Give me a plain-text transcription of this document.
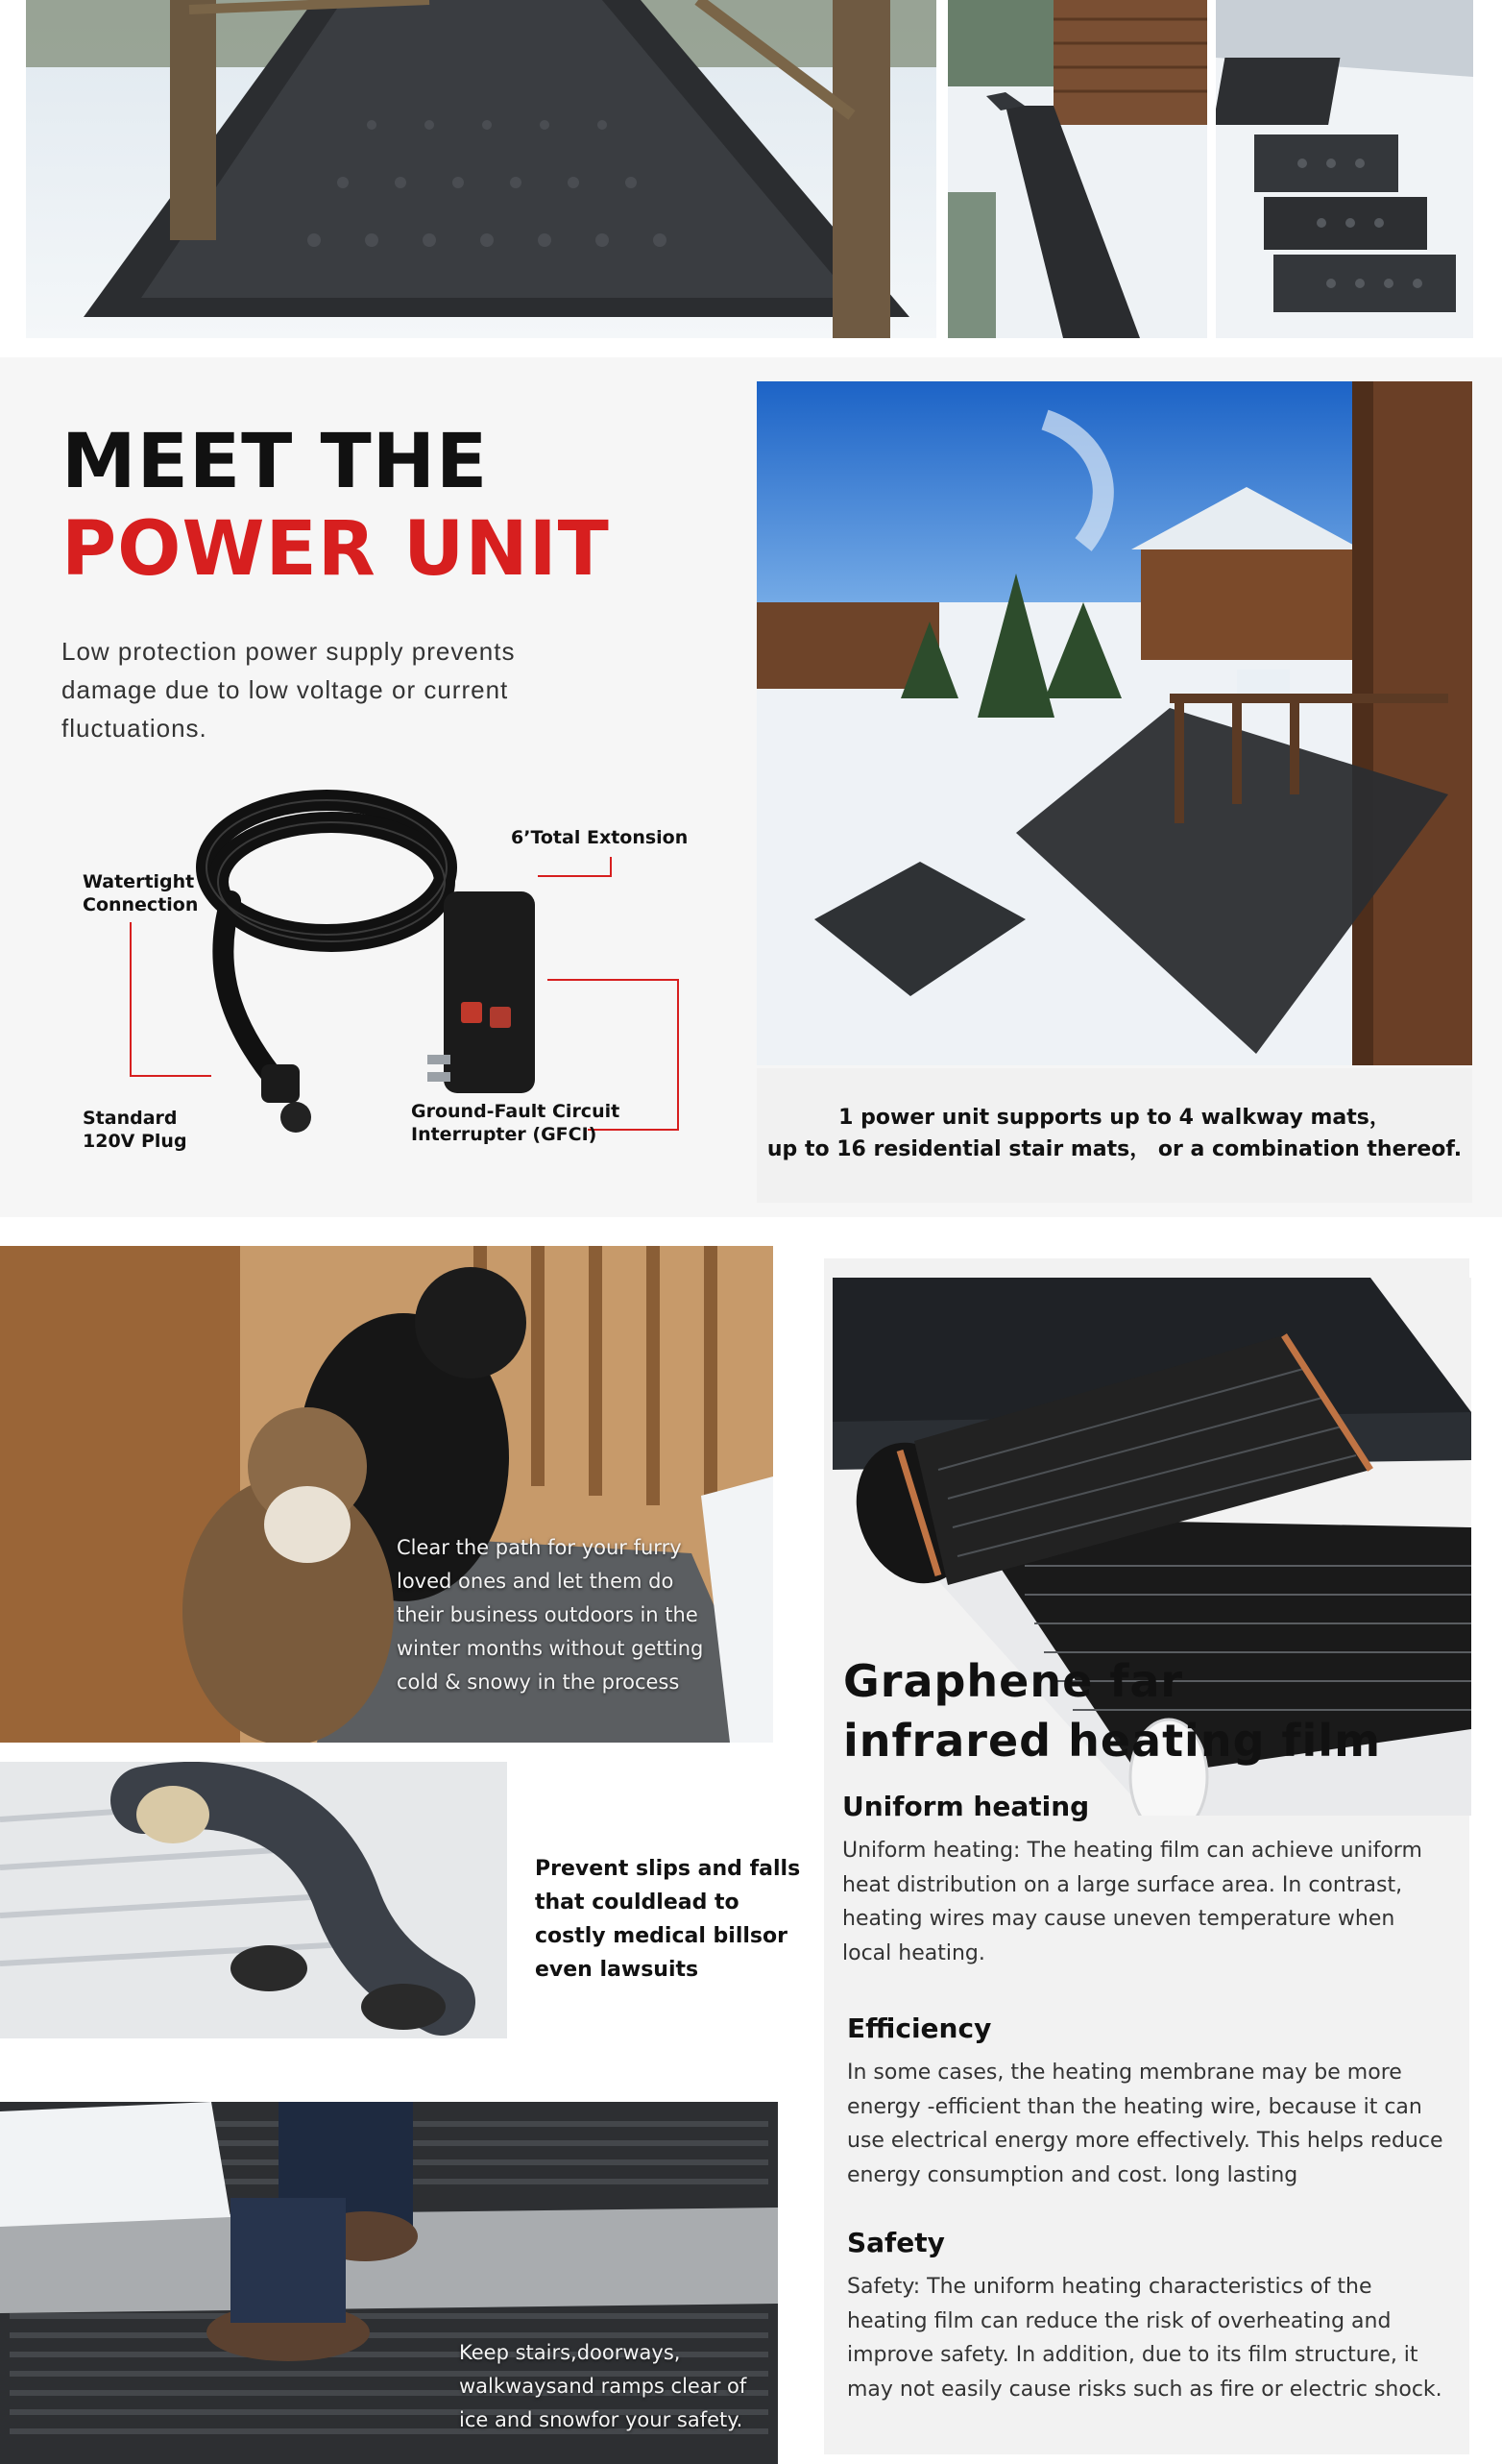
MEET THE
POWER UNIT
Low protection power supply prevents damage due to low voltage or current fluctuations.
6’Total Extonsion
Watertight
Connection
Standard
120V Plug
Ground-Fault Circuit
Interrupter (GFCI)
1 power unit supports up to 4 walkway mats，
up to 16 residential stair mats， or a combination thereof.
Clear the path for your furry
loved ones and let them do
their business outdoors in the
winter months without getting
cold & snowy in the process
Prevent slips and falls
that couldlead to
costly medical billsor
even lawsuits
Keep stairs,doorways,
walkwaysand ramps clear of
ice and snowfor your safety.
Graphene far
infrared heating film
Uniform heating
Uniform heating: The heating film can achieve uniform
heat distribution on a large surface area. In contrast,
heating wires may cause uneven temperature when
local heating.
Efficiency
In some cases, the heating membrane may be more
energy -efficient than the heating wire, because it can
use electrical energy more effectively. This helps reduce
energy consumption and cost. long lasting
Safety
Safety: The uniform heating characteristics of the
heating film can reduce the risk of overheating and
improve safety. In addition, due to its film structure, it
may not easily cause risks such as fire or electric shock.
